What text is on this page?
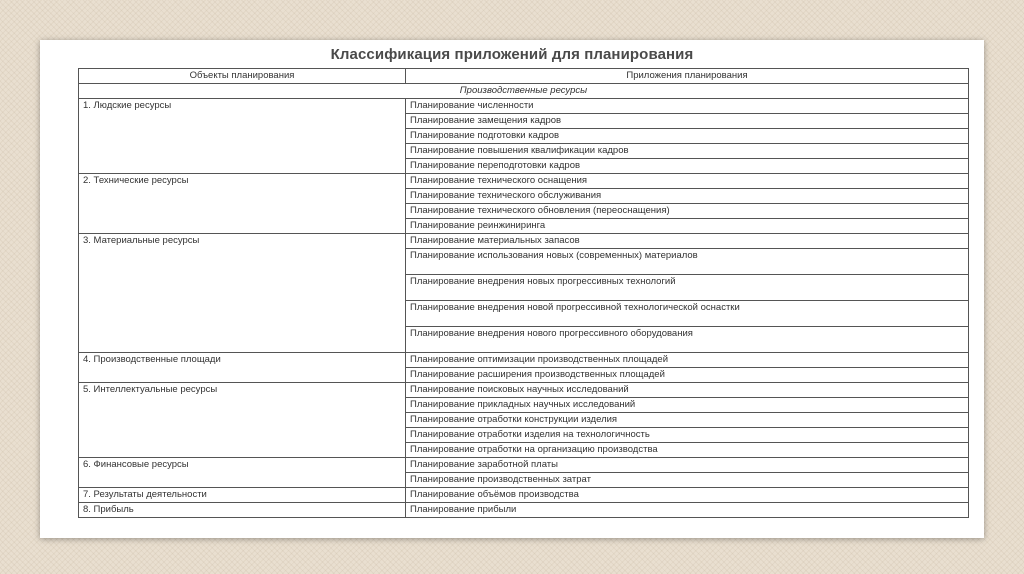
Классификация приложений для планирования
Объекты планирования	Приложения планирования
Производственные ресурсы	
1. Людские ресурсы	Планирование численности
	Планирование замещения кадров
	Планирование подготовки кадров
	Планирование повышения квалификации кадров
	Планирование переподготовки кадров
2. Технические ресурсы	Планирование технического оснащения
	Планирование технического обслуживания
	Планирование технического обновления (переоснащения)
	Планирование реинжиниринга
3. Материальные ресурсы	Планирование материальных запасов
	Планирование использования новых (современных) материалов
	Планирование внедрения новых прогрессивных технологий
	Планирование внедрения новой прогрессивной технологической оснастки
	Планирование внедрения нового прогрессивного оборудования
4. Производственные площади	Планирование оптимизации производственных площадей
	Планирование расширения производственных площадей
5. Интеллектуальные ресурсы	Планирование поисковых научных исследований
	Планирование прикладных научных исследований
	Планирование отработки конструкции изделия
	Планирование отработки изделия на технологичность
	Планирование отработки на организацию производства
6. Финансовые ресурсы	Планирование заработной платы
	Планирование производственных затрат
7. Результаты деятельности	Планирование объёмов производства
8. Прибыль	Планирование прибыли
